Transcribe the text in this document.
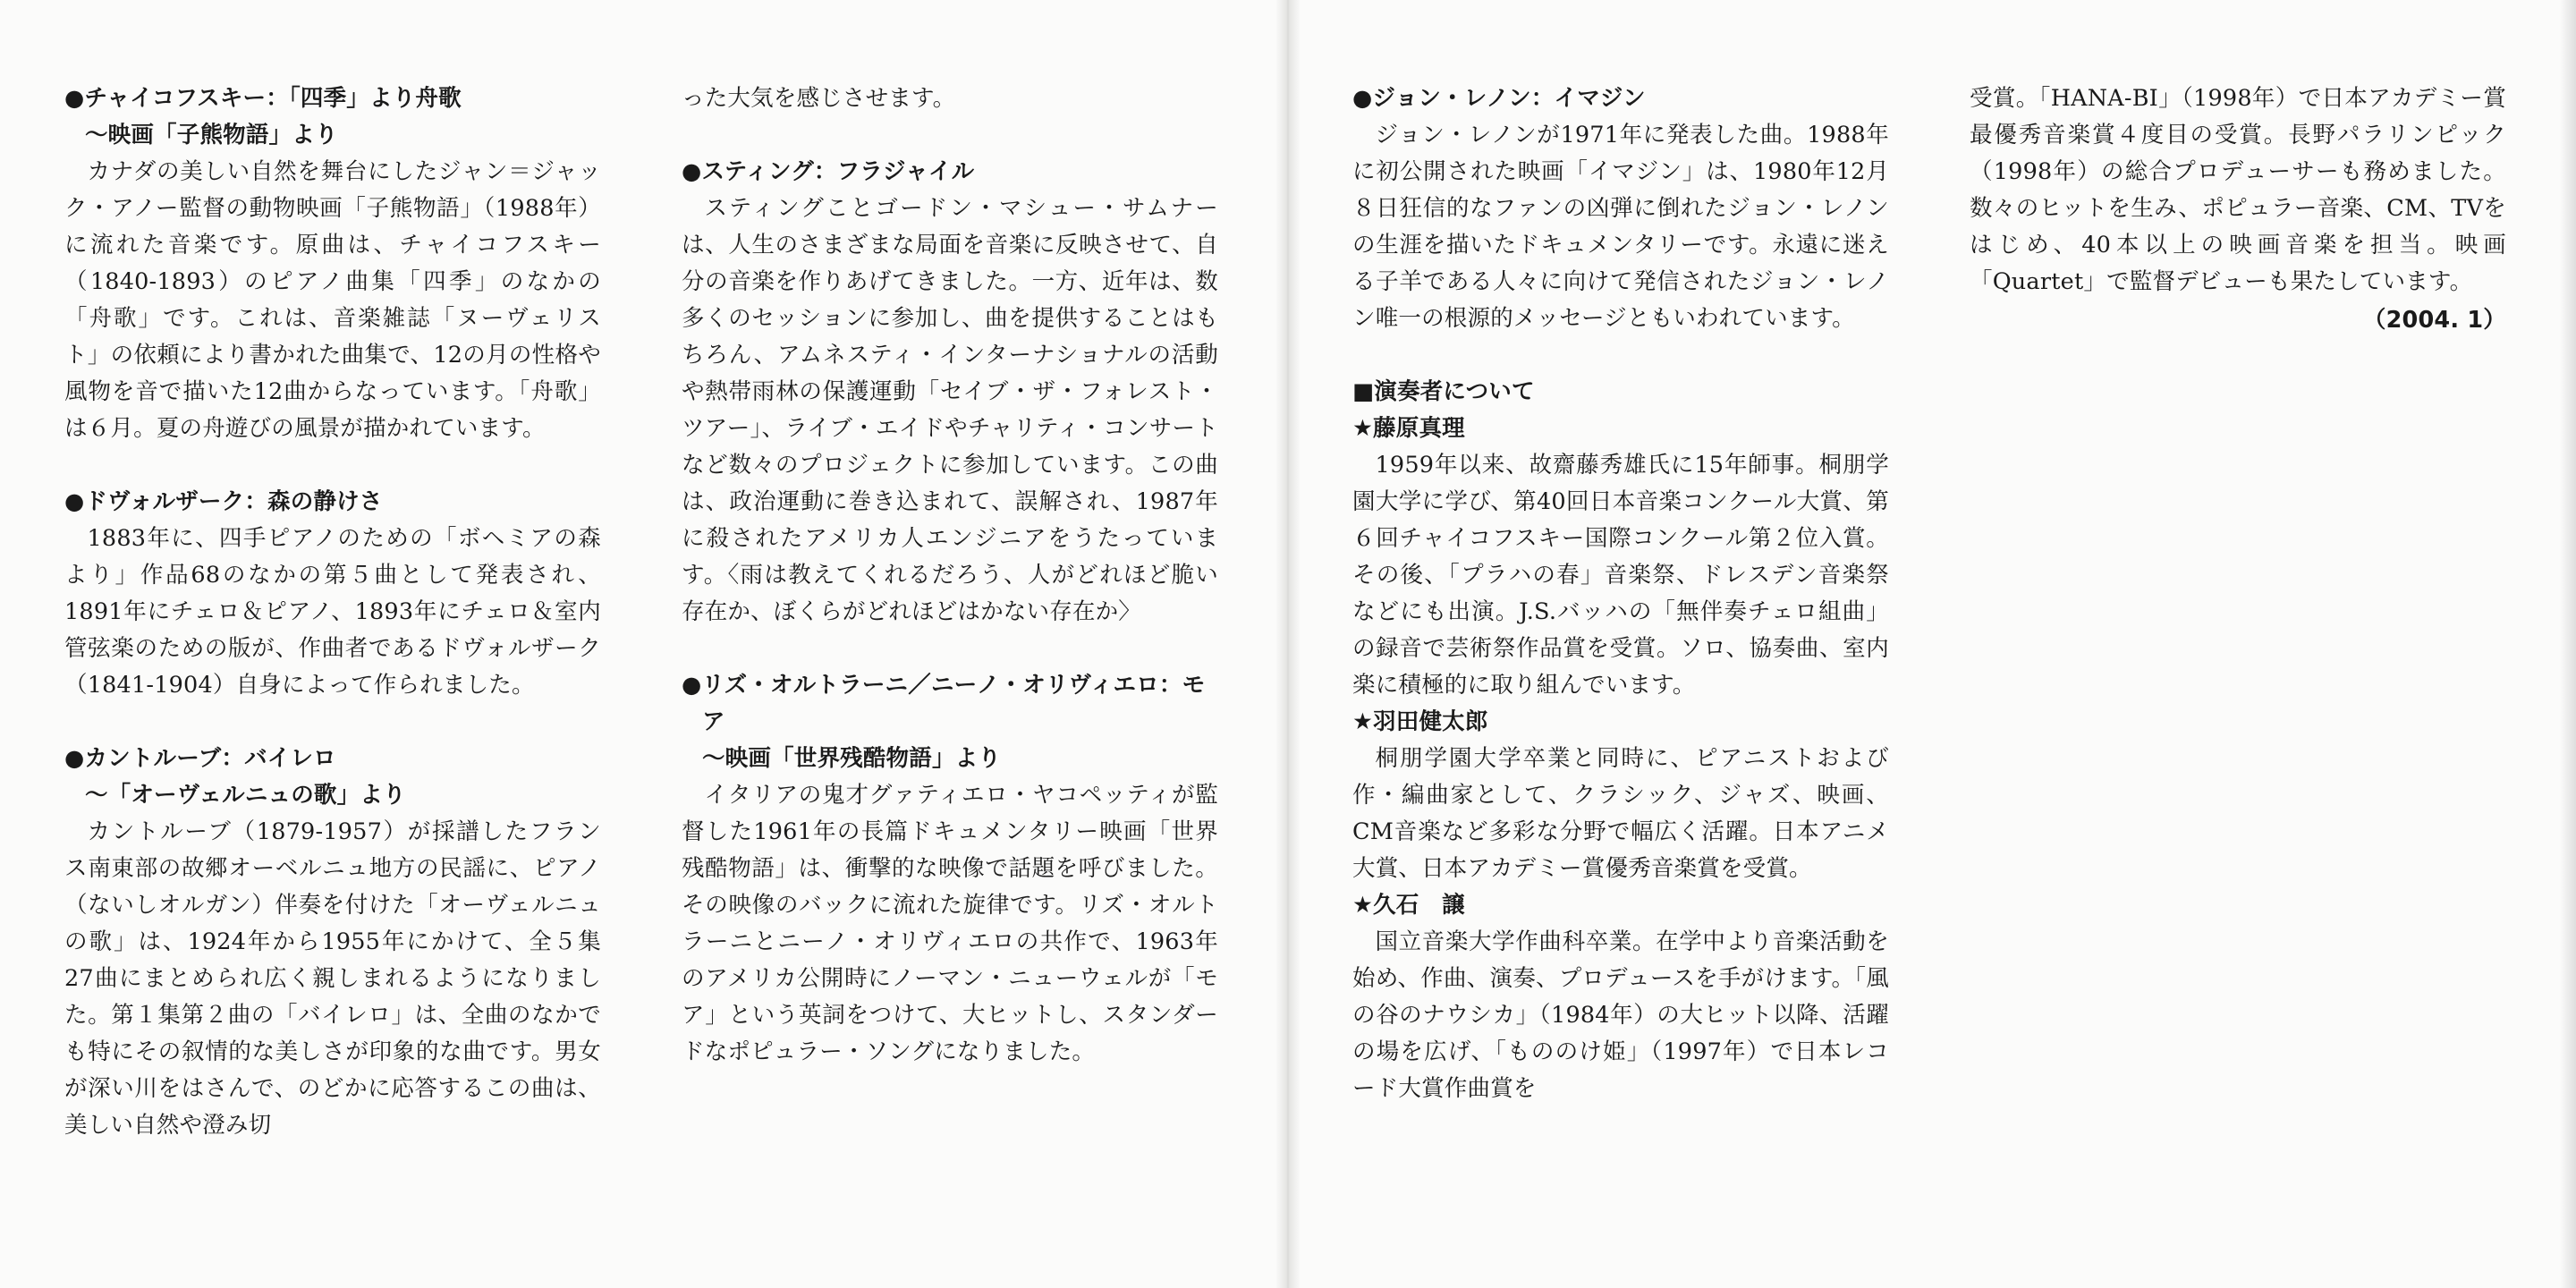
●チャイコフスキー：「四季」より舟歌
〜映画「子熊物語」より
カナダの美しい自然を舞台にしたジャン＝ジャック・アノー監督の動物映画「子熊物語」（1988年）に流れた音楽です。原曲は、チャイコフスキー（1840-1893）のピアノ曲集「四季」のなかの「舟歌」です。これは、音楽雑誌「ヌーヴェリスト」の依頼により書かれた曲集で、12の月の性格や風物を音で描いた12曲からなっています。「舟歌」は６月。夏の舟遊びの風景が描かれています。
●ドヴォルザーク：森の静けさ
1883年に、四手ピアノのための「ボヘミアの森より」作品68のなかの第５曲として発表され、1891年にチェロ＆ピアノ、1893年にチェロ＆室内管弦楽のための版が、作曲者であるドヴォルザーク（1841-1904）自身によって作られました。
●カントルーブ：バイレロ
〜「オーヴェルニュの歌」より
カントルーブ（1879-1957）が採譜したフランス南東部の故郷オーベルニュ地方の民謡に、ピアノ（ないしオルガン）伴奏を付けた「オーヴェルニュの歌」は、1924年から1955年にかけて、全５集27曲にまとめられ広く親しまれるようになりました。第１集第２曲の「バイレロ」は、全曲のなかでも特にその叙情的な美しさが印象的な曲です。男女が深い川をはさんで、のどかに応答するこの曲は、美しい自然や澄み切
った大気を感じさせます。
●スティング：フラジャイル
スティングことゴードン・マシュー・サムナーは、人生のさまざまな局面を音楽に反映させて、自分の音楽を作りあげてきました。一方、近年は、数多くのセッションに参加し、曲を提供することはもちろん、アムネスティ・インターナショナルの活動や熱帯雨林の保護運動「セイブ・ザ・フォレスト・ツアー」、ライブ・エイドやチャリティ・コンサートなど数々のプロジェクトに参加しています。この曲は、政治運動に巻き込まれて、誤解され、1987年に殺されたアメリカ人エンジニアをうたっています。〈雨は教えてくれるだろう、人がどれほど脆い存在か、ぼくらがどれほどはかない存在か〉
●リズ・オルトラーニ／ニーノ・オリヴィエロ：モア
〜映画「世界残酷物語」より
イタリアの鬼才グァティエロ・ヤコペッティが監督した1961年の長篇ドキュメンタリー映画「世界残酷物語」は、衝撃的な映像で話題を呼びました。その映像のバックに流れた旋律です。リズ・オルトラーニとニーノ・オリヴィエロの共作で、1963年のアメリカ公開時にノーマン・ニューウェルが「モア」という英詞をつけて、大ヒットし、スタンダードなポピュラー・ソングになりました。
●ジョン・レノン：イマジン
ジョン・レノンが1971年に発表した曲。1988年に初公開された映画「イマジン」は、1980年12月８日狂信的なファンの凶弾に倒れたジョン・レノンの生涯を描いたドキュメンタリーです。永遠に迷える子羊である人々に向けて発信されたジョン・レノン唯一の根源的メッセージともいわれています。
■演奏者について
★藤原真理
1959年以来、故齋藤秀雄氏に15年師事。桐朋学園大学に学び、第40回日本音楽コンクール大賞、第６回チャイコフスキー国際コンクール第２位入賞。その後、「プラハの春」音楽祭、ドレスデン音楽祭などにも出演。J.S.バッハの「無伴奏チェロ組曲」の録音で芸術祭作品賞を受賞。ソロ、協奏曲、室内楽に積極的に取り組んでいます。
★羽田健太郎
桐朋学園大学卒業と同時に、ピアニストおよび作・編曲家として、クラシック、ジャズ、映画、CM音楽など多彩な分野で幅広く活躍。日本アニメ大賞、日本アカデミー賞優秀音楽賞を受賞。
★久石　譲
国立音楽大学作曲科卒業。在学中より音楽活動を始め、作曲、演奏、プロデュースを手がけます。「風の谷のナウシカ」（1984年）の大ヒット以降、活躍の場を広げ、「もののけ姫」（1997年）で日本レコード大賞作曲賞を
受賞。「HANA-BI」（1998年）で日本アカデミー賞最優秀音楽賞４度目の受賞。長野パラリンピック（1998年）の総合プロデューサーも務めました。数々のヒットを生み、ポピュラー音楽、CM、TVをはじめ、40本以上の映画音楽を担当。映画「Quartet」で監督デビューも果たしています。
（2004. 1）
